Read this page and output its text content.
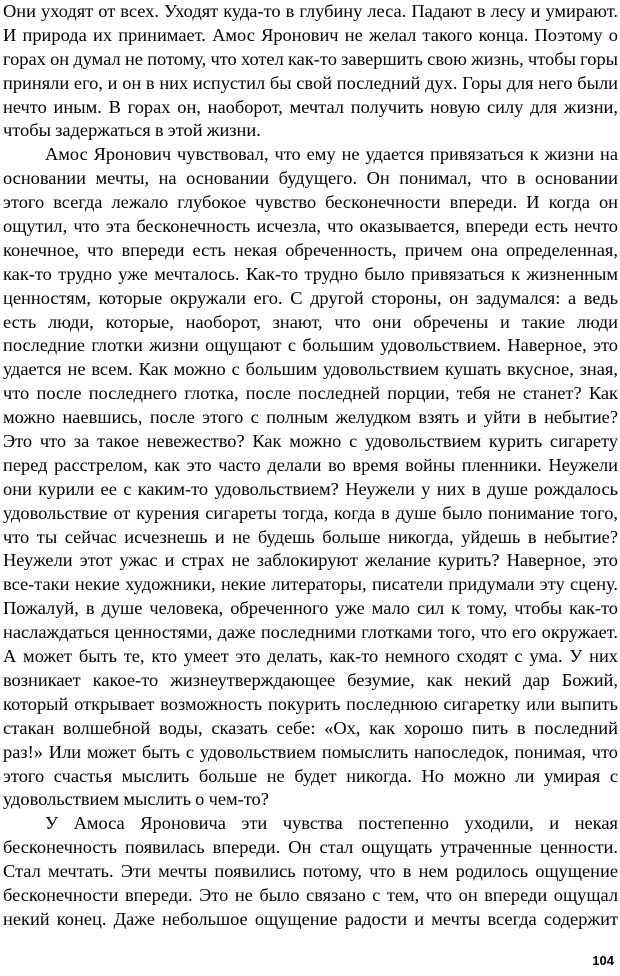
Они уходят от всех. Уходят куда-то в глубину леса. Падают в лесу и умирают.
И природа их принимает. Амос Яронович не желал такого конца. Поэтому о
горах он думал не потому, что хотел как-то завершить свою жизнь, чтобы горы
приняли его, и он в них испустил бы свой последний дух. Горы для него были
нечто иным. В горах он, наоборот, мечтал получить новую силу для жизни,
чтобы задержаться в этой жизни.
Амос Яронович чувствовал, что ему не удается привязаться к жизни на
основании мечты, на основании будущего. Он понимал, что в основании
этого всегда лежало глубокое чувство бесконечности впереди. И когда он
ощутил, что эта бесконечность исчезла, что оказывается, впереди есть нечто
конечное, что впереди есть некая обреченность, причем она определенная,
как-то трудно уже мечталось. Как-то трудно было привязаться к жизненным
ценностям, которые окружали его. С другой стороны, он задумался: а ведь
есть люди, которые, наоборот, знают, что они обречены и такие люди
последние глотки жизни ощущают с большим удовольствием. Наверное, это
удается не всем. Как можно с большим удовольствием кушать вкусное, зная,
что после последнего глотка, после последней порции, тебя не станет? Как
можно наевшись, после этого с полным желудком взять и уйти в небытие?
Это что за такое невежество? Как можно с удовольствием курить сигарету
перед расстрелом, как это часто делали во время войны пленники. Неужели
они курили ее с каким-то удовольствием? Неужели у них в душе рождалось
удовольствие от курения сигареты тогда, когда в душе было понимание того,
что ты сейчас исчезнешь и не будешь больше никогда, уйдешь в небытие?
Неужели этот ужас и страх не заблокируют желание курить? Наверное, это
все-таки некие художники, некие литераторы, писатели придумали эту сцену.
Пожалуй, в душе человека, обреченного уже мало сил к тому, чтобы как-то
наслаждаться ценностями, даже последними глотками того, что его окружает.
А может быть те, кто умеет это делать, как-то немного сходят с ума. У них
возникает какое-то жизнеутверждающее безумие, как некий дар Божий,
который открывает возможность покурить последнюю сигаретку или выпить
стакан волшебной воды, сказать себе: «Ох, как хорошо пить в последний
раз!» Или может быть с удовольствием помыслить напоследок, понимая, что
этого счастья мыслить больше не будет никогда. Но можно ли умирая с
удовольствием мыслить о чем-то?
У Амоса Яроновича эти чувства постепенно уходили, и некая
бесконечность появилась впереди. Он стал ощущать утраченные ценности.
Стал мечтать. Эти мечты появились потому, что в нем родилось ощущение
бесконечности впереди. Это не было связано с тем, что он впереди ощущал
некий конец. Даже небольшое ощущение радости и мечты всегда содержит
104
